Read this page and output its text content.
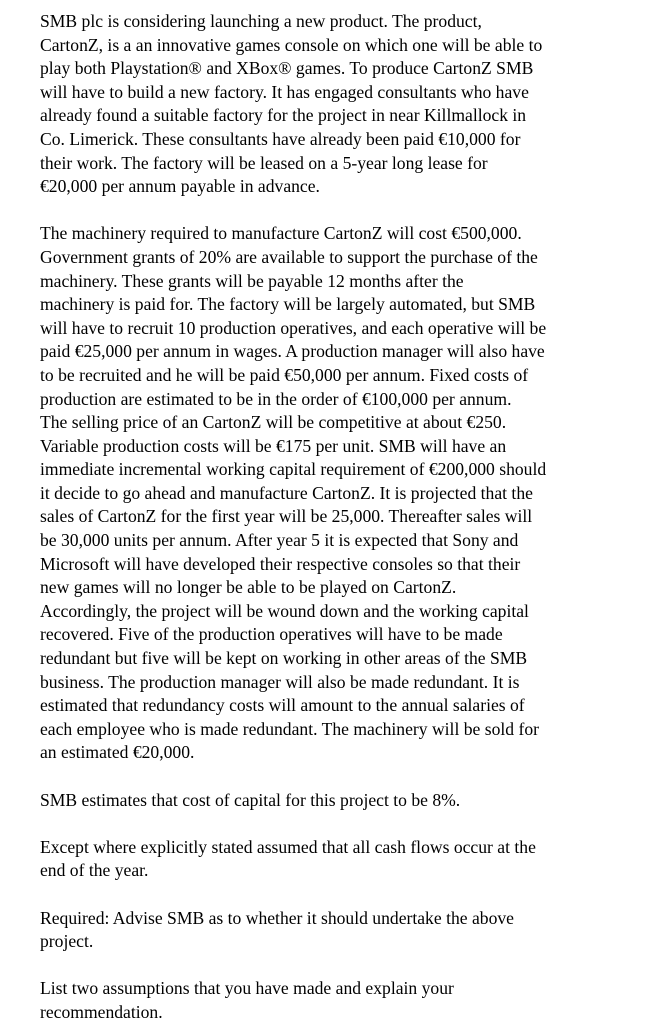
SMB plc is considering launching a new product. The product,
CartonZ, is a an innovative games console on which one will be able to
play both Playstation® and XBox® games. To produce CartonZ SMB
will have to build a new factory. It has engaged consultants who have
already found a suitable factory for the project in near Killmallock in
Co. Limerick. These consultants have already been paid €10,000 for
their work. The factory will be leased on a 5-year long lease for
€20,000 per annum payable in advance.
The machinery required to manufacture CartonZ will cost €500,000.
Government grants of 20% are available to support the purchase of the
machinery. These grants will be payable 12 months after the
machinery is paid for. The factory will be largely automated, but SMB
will have to recruit 10 production operatives, and each operative will be
paid €25,000 per annum in wages. A production manager will also have
to be recruited and he will be paid €50,000 per annum. Fixed costs of
production are estimated to be in the order of €100,000 per annum.
The selling price of an CartonZ will be competitive at about €250.
Variable production costs will be €175 per unit. SMB will have an
immediate incremental working capital requirement of €200,000 should
it decide to go ahead and manufacture CartonZ. It is projected that the
sales of CartonZ for the first year will be 25,000. Thereafter sales will
be 30,000 units per annum. After year 5 it is expected that Sony and
Microsoft will have developed their respective consoles so that their
new games will no longer be able to be played on CartonZ.
Accordingly, the project will be wound down and the working capital
recovered. Five of the production operatives will have to be made
redundant but five will be kept on working in other areas of the SMB
business. The production manager will also be made redundant. It is
estimated that redundancy costs will amount to the annual salaries of
each employee who is made redundant. The machinery will be sold for
an estimated €20,000.
SMB estimates that cost of capital for this project to be 8%.
Except where explicitly stated assumed that all cash flows occur at the
end of the year.
Required: Advise SMB as to whether it should undertake the above
project.
List two assumptions that you have made and explain your
recommendation.
